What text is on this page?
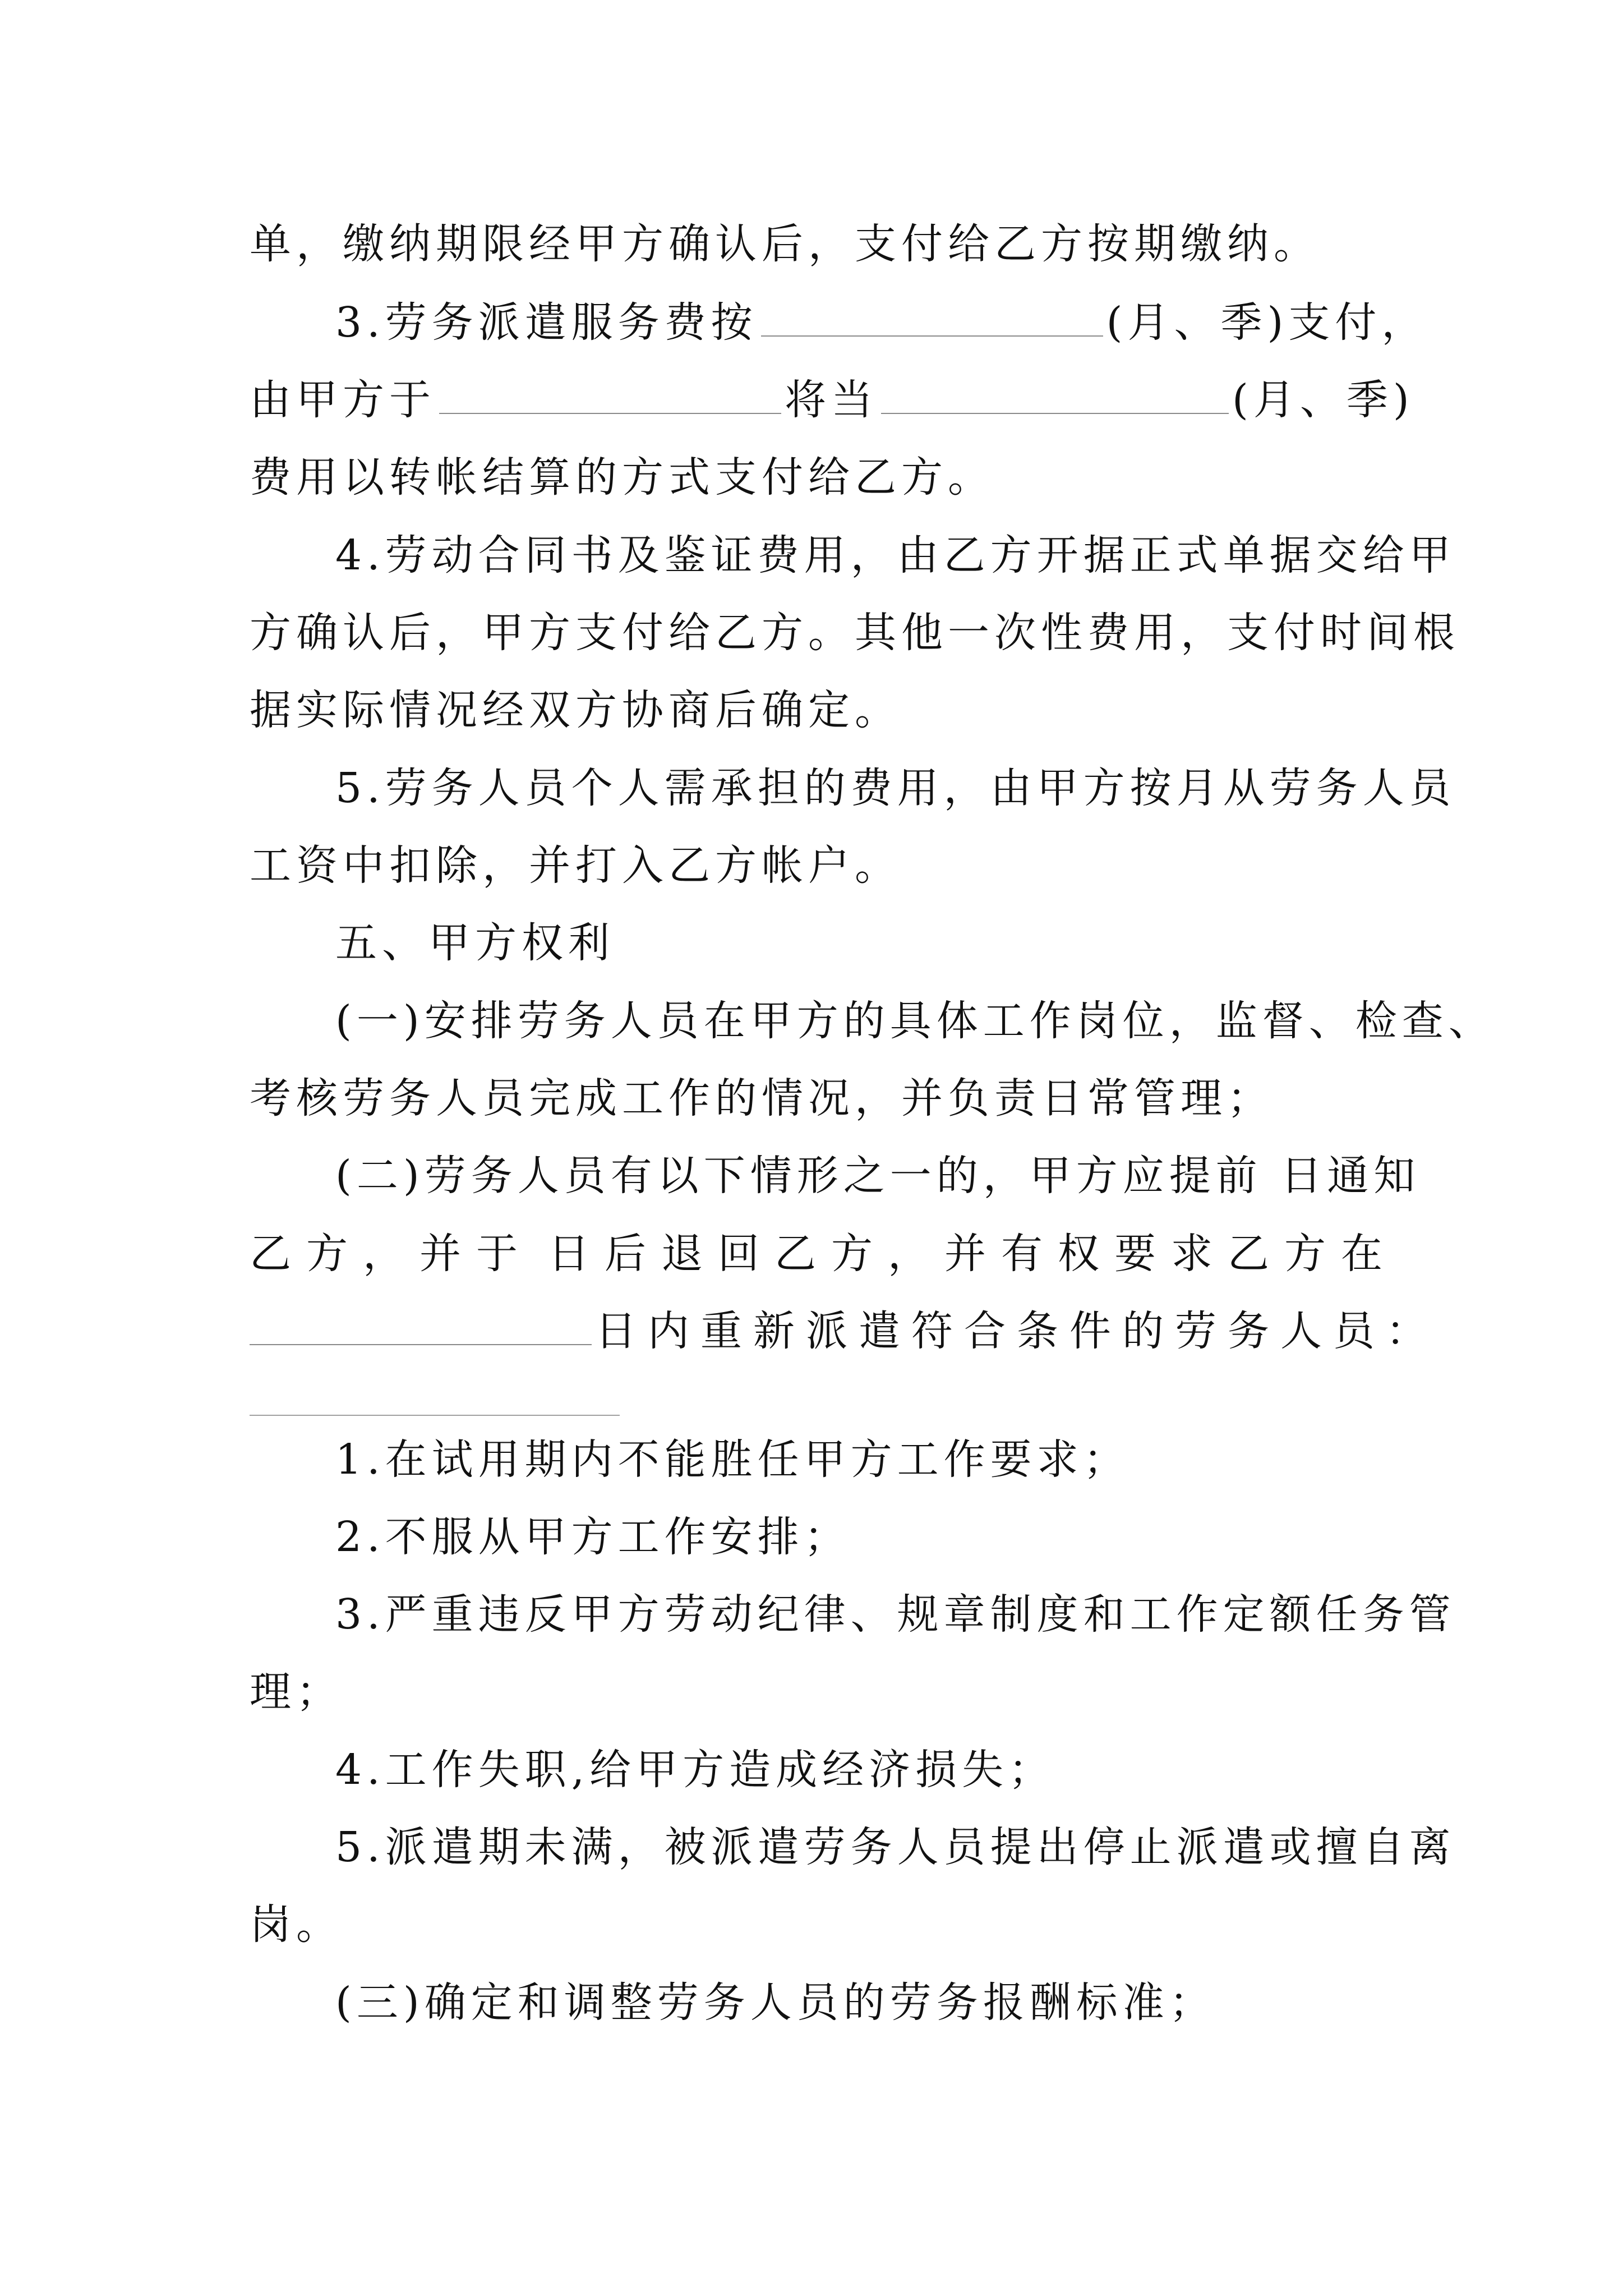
单，缴纳期限经甲方确认后，支付给乙方按期缴纳。
3.劳务派遣服务费按	(月、季)支付，
由甲方于	将当	(月、季)
费用以转帐结算的方式支付给乙方。
4.劳动合同书及鉴证费用，由乙方开据正式单据交给甲
方确认后，甲方支付给乙方。其他一次性费用，支付时间根
据实际情况经双方协商后确定。
5.劳务人员个人需承担的费用，由甲方按月从劳务人员
工资中扣除，并打入乙方帐户。
五、甲方权利
(一)安排劳务人员在甲方的具体工作岗位，监督、检查、
考核劳务人员完成工作的情况，并负责日常管理；
(二)劳务人员有以下情形之一的，甲方应提前 日通知
乙 方 ， 并 于 日 后 退 回 乙 方 ， 并 有 权 要 求 乙 方 在
日内重新派遣符合条件的劳务人员：
1.在试用期内不能胜任甲方工作要求；
2.不服从甲方工作安排；
3.严重违反甲方劳动纪律、规章制度和工作定额任务管
理；
4.工作失职,给甲方造成经济损失；
5.派遣期未满，被派遣劳务人员提出停止派遣或擅自离
岗。
(三)确定和调整劳务人员的劳务报酬标准；
